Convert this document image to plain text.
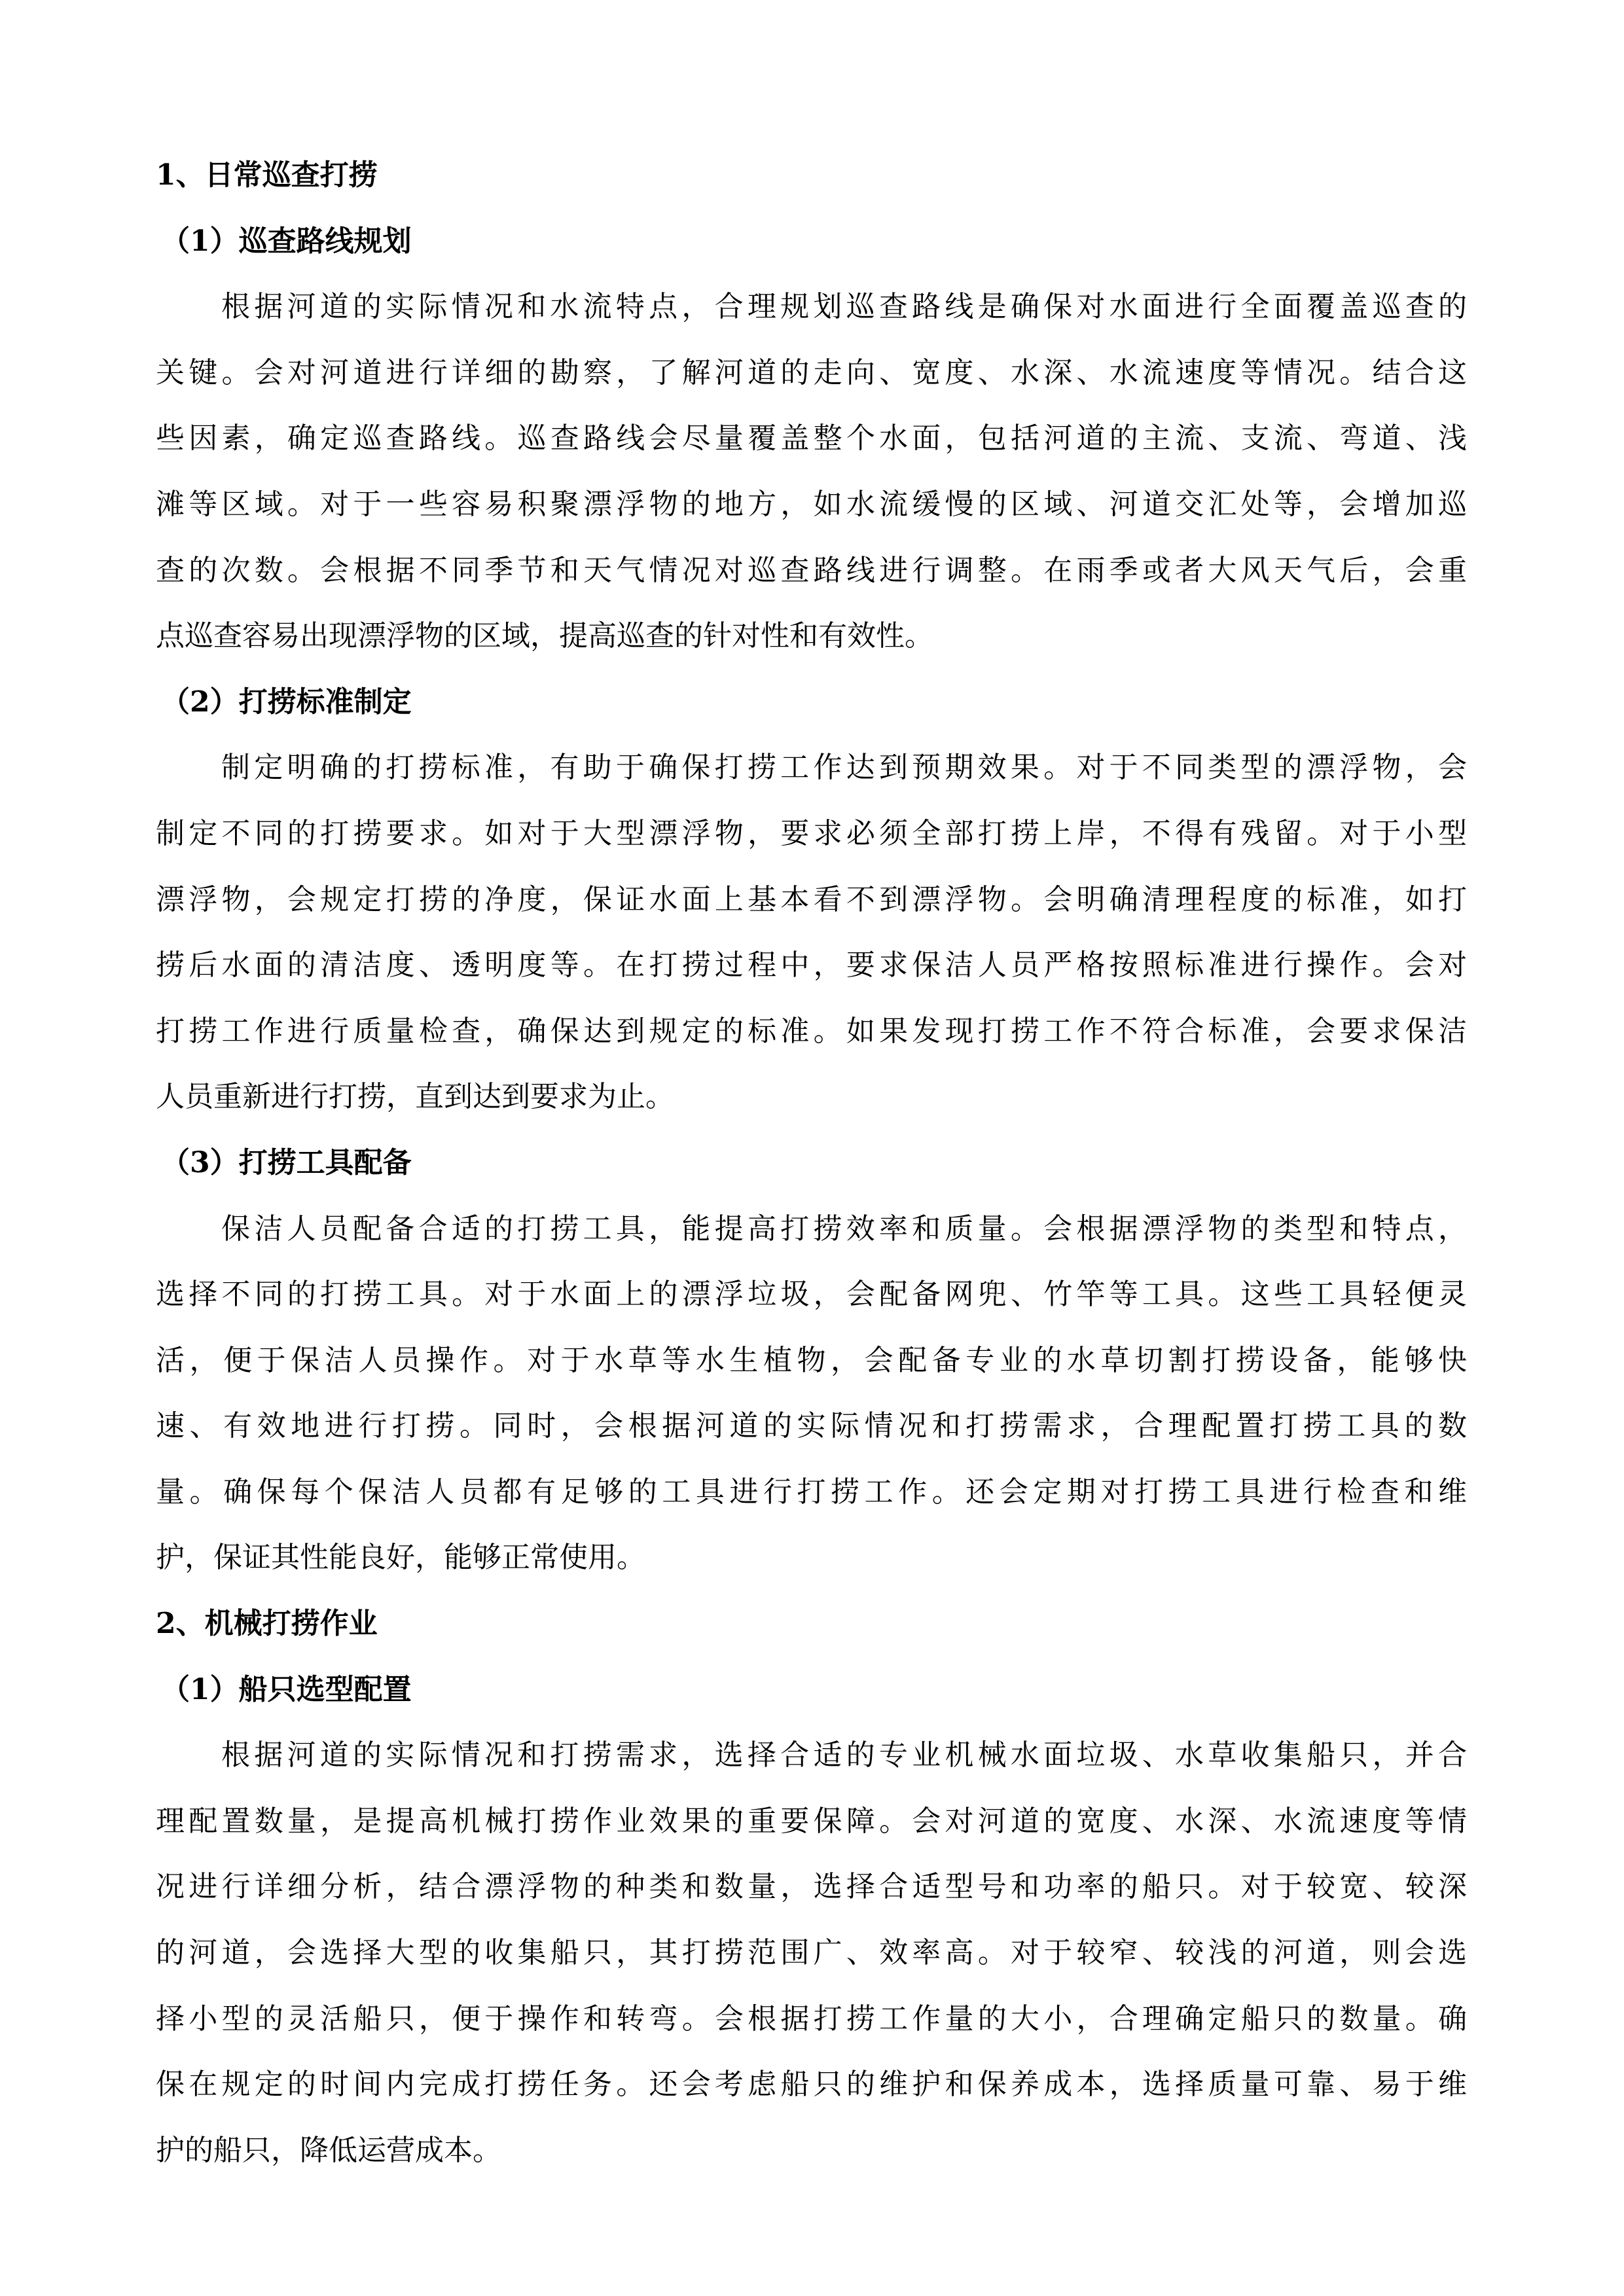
1、日常巡查打捞
（1）巡查路线规划
根据河道的实际情况和水流特点，合理规划巡查路线是确保对水面进行全面覆盖巡查的
关键。会对河道进行详细的勘察，了解河道的走向、宽度、水深、水流速度等情况。结合这
些因素，确定巡查路线。巡查路线会尽量覆盖整个水面，包括河道的主流、支流、弯道、浅
滩等区域。对于一些容易积聚漂浮物的地方，如水流缓慢的区域、河道交汇处等，会增加巡
查的次数。会根据不同季节和天气情况对巡查路线进行调整。在雨季或者大风天气后，会重
点巡查容易出现漂浮物的区域，提高巡查的针对性和有效性。
（2）打捞标准制定
制定明确的打捞标准，有助于确保打捞工作达到预期效果。对于不同类型的漂浮物，会
制定不同的打捞要求。如对于大型漂浮物，要求必须全部打捞上岸，不得有残留。对于小型
漂浮物，会规定打捞的净度，保证水面上基本看不到漂浮物。会明确清理程度的标准，如打
捞后水面的清洁度、透明度等。在打捞过程中，要求保洁人员严格按照标准进行操作。会对
打捞工作进行质量检查，确保达到规定的标准。如果发现打捞工作不符合标准，会要求保洁
人员重新进行打捞，直到达到要求为止。
（3）打捞工具配备
保洁人员配备合适的打捞工具，能提高打捞效率和质量。会根据漂浮物的类型和特点，
选择不同的打捞工具。对于水面上的漂浮垃圾，会配备网兜、竹竿等工具。这些工具轻便灵
活，便于保洁人员操作。对于水草等水生植物，会配备专业的水草切割打捞设备，能够快
速、有效地进行打捞。同时，会根据河道的实际情况和打捞需求，合理配置打捞工具的数
量。确保每个保洁人员都有足够的工具进行打捞工作。还会定期对打捞工具进行检查和维
护，保证其性能良好，能够正常使用。
2、机械打捞作业
（1）船只选型配置
根据河道的实际情况和打捞需求，选择合适的专业机械水面垃圾、水草收集船只，并合
理配置数量，是提高机械打捞作业效果的重要保障。会对河道的宽度、水深、水流速度等情
况进行详细分析，结合漂浮物的种类和数量，选择合适型号和功率的船只。对于较宽、较深
的河道，会选择大型的收集船只，其打捞范围广、效率高。对于较窄、较浅的河道，则会选
择小型的灵活船只，便于操作和转弯。会根据打捞工作量的大小，合理确定船只的数量。确
保在规定的时间内完成打捞任务。还会考虑船只的维护和保养成本，选择质量可靠、易于维
护的船只，降低运营成本。
